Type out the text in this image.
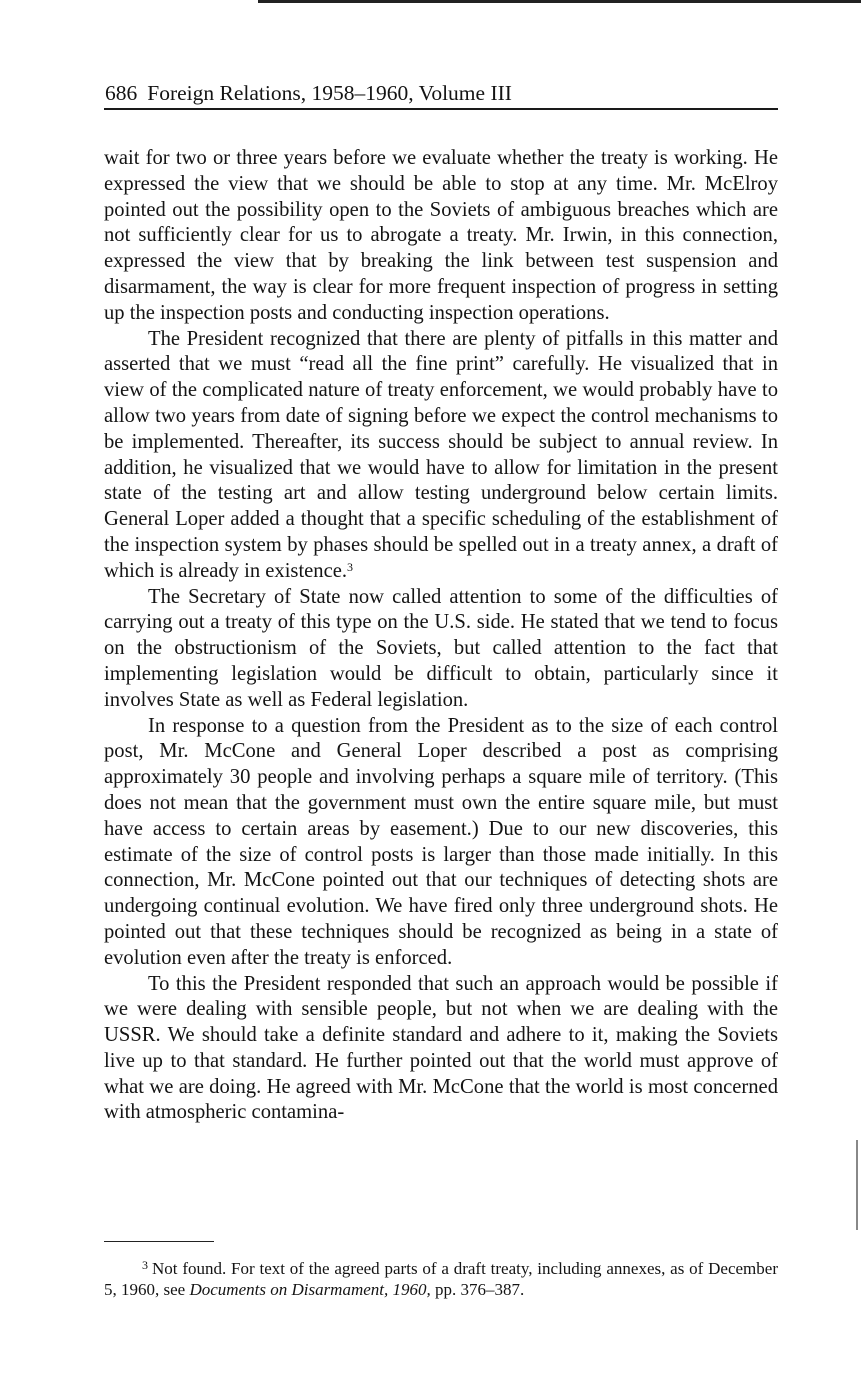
686 Foreign Relations, 1958–1960, Volume III

wait for two or three years before we evaluate whether the treaty is working. He expressed the view that we should be able to stop at any time. Mr. McElroy pointed out the possibility open to the Soviets of ambiguous breaches which are not sufficiently clear for us to abrogate a treaty. Mr. Irwin, in this connection, expressed the view that by breaking the link between test suspension and disarmament, the way is clear for more frequent inspection of progress in setting up the inspection posts and conducting inspection operations.

The President recognized that there are plenty of pitfalls in this matter and asserted that we must “read all the fine print” carefully. He visualized that in view of the complicated nature of treaty enforcement, we would probably have to allow two years from date of signing before we expect the control mechanisms to be implemented. Thereafter, its success should be subject to annual review. In addition, he visualized that we would have to allow for limitation in the present state of the testing art and allow testing underground below certain limits. General Loper added a thought that a specific scheduling of the establishment of the inspection system by phases should be spelled out in a treaty annex, a draft of which is already in existence.$^3$

The Secretary of State now called attention to some of the difficulties of carrying out a treaty of this type on the U.S. side. He stated that we tend to focus on the obstructionism of the Soviets, but called attention to the fact that implementing legislation would be difficult to obtain, particularly since it involves State as well as Federal legislation.

In response to a question from the President as to the size of each control post, Mr. McCone and General Loper described a post as comprising approximately 30 people and involving perhaps a square mile of territory. (This does not mean that the government must own the entire square mile, but must have access to certain areas by easement.) Due to our new discoveries, this estimate of the size of control posts is larger than those made initially. In this connection, Mr. McCone pointed out that our techniques of detecting shots are undergoing continual evolution. We have fired only three underground shots. He pointed out that these techniques should be recognized as being in a state of evolution even after the treaty is enforced.

To this the President responded that such an approach would be possible if we were dealing with sensible people, but not when we are dealing with the USSR. We should take a definite standard and adhere to it, making the Soviets live up to that standard. He further pointed out that the world must approve of what we are doing. He agreed with Mr. McCone that the world is most concerned with atmospheric contamina-

$^3$ Not found. For text of the agreed parts of a draft treaty, including annexes, as of December 5, 1960, see Documents on Disarmament, 1960, pp. 376–387.
